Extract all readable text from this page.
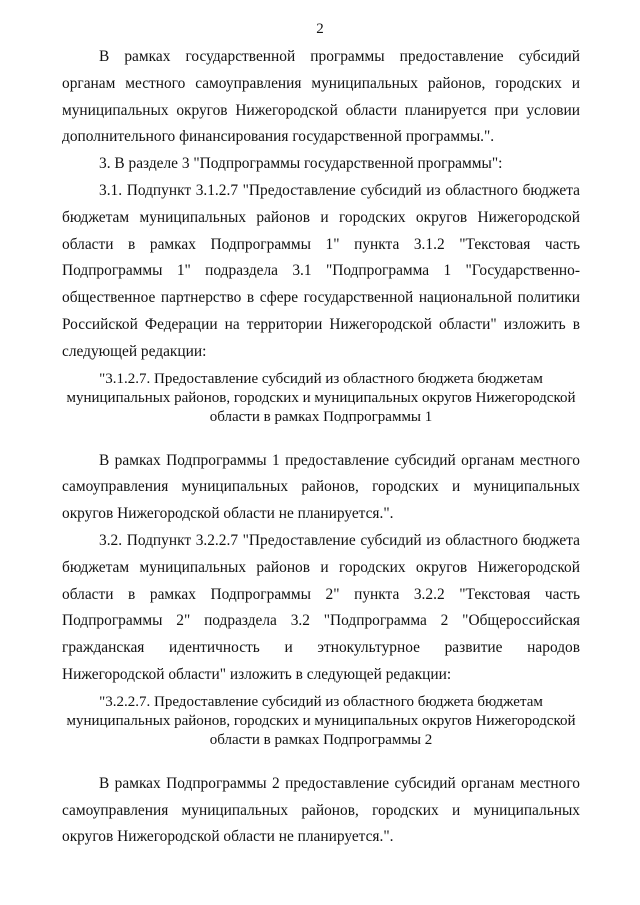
2

В рамках государственной программы предоставление субсидий органам местного самоуправления муниципальных районов, городских и муниципальных округов Нижегородской области планируется при условии дополнительного финансирования государственной программы.".

3. В разделе 3 "Подпрограммы государственной программы":

3.1. Подпункт 3.1.2.7 "Предоставление субсидий из областного бюджета бюджетам муниципальных районов и городских округов Нижегородской области в рамках Подпрограммы 1" пункта 3.1.2 "Текстовая часть Подпрограммы 1" подраздела 3.1 "Подпрограмма 1 "Государственно-общественное партнерство в сфере государственной национальной политики Российской Федерации на территории Нижегородской области" изложить в следующей редакции:

"3.1.2.7. Предоставление субсидий из областного бюджета бюджетам
муниципальных районов, городских и муниципальных округов Нижегородской
области в рамках Подпрограммы 1

В рамках Подпрограммы 1 предоставление субсидий органам местного самоуправления муниципальных районов, городских и муниципальных округов Нижегородской области не планируется.".

3.2. Подпункт 3.2.2.7 "Предоставление субсидий из областного бюджета бюджетам муниципальных районов и городских округов Нижегородской области в рамках Подпрограммы 2" пункта 3.2.2 "Текстовая часть Подпрограммы 2" подраздела 3.2 "Подпрограмма 2 "Общероссийская гражданская идентичность и этнокультурное развитие народов Нижегородской области" изложить в следующей редакции:

"3.2.2.7. Предоставление субсидий из областного бюджета бюджетам
муниципальных районов, городских и муниципальных округов Нижегородской
области в рамках Подпрограммы 2

В рамках Подпрограммы 2 предоставление субсидий органам местного самоуправления муниципальных районов, городских и муниципальных округов Нижегородской области не планируется.".
